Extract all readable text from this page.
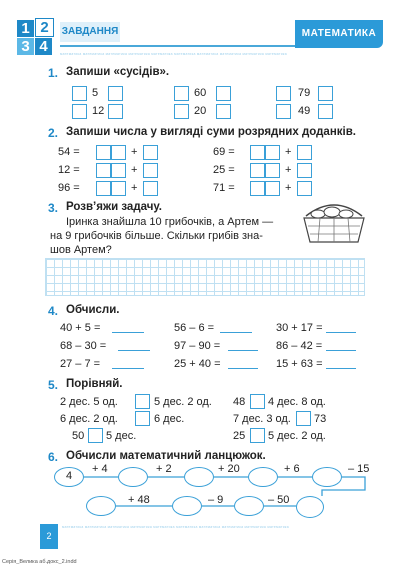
1 2
3 4
ЗАВДАННЯ	МАТЕМАТИКА
математика математика математика математика математика математика математика математика математика математика
1. Запиши «сусідів».
5	60	79
12	20	49
2. Запиши числа у вигляді суми розрядних доданків.
54 =	+	69 =	+
12 =	+	25 =	+
96 =	+	71 =	+
3. Розв’яжи задачу.
Іринка знайшла 10 грибочків, а Артем —
на 9 грибочків більше. Скільки грибів зна-
шов Артем?
4. Обчисли.
40 + 5 =	56 – 6 =	30 + 17 =
68 – 30 =	97 – 90 =	86 – 42 =
27 – 7 =	25 + 40 =	15 + 63 =
5. Порівняй.
2 дес. 5 од.	5 дес. 2 од. 48 4 дес. 8 од.
6 дес. 2 од.	6 дес.	7 дес. 3 од. 73
50 5 дес.	25 5 дес. 2 од.
6. Обчисли математичний ланцюжок.
4
+ 4	+ 2	+ 20	+ 6	– 15
+ 48	– 9	– 50
математика математика математика математика математика математика математика математика математика математика
2
Серія_Велика аб.докс_2.indd
